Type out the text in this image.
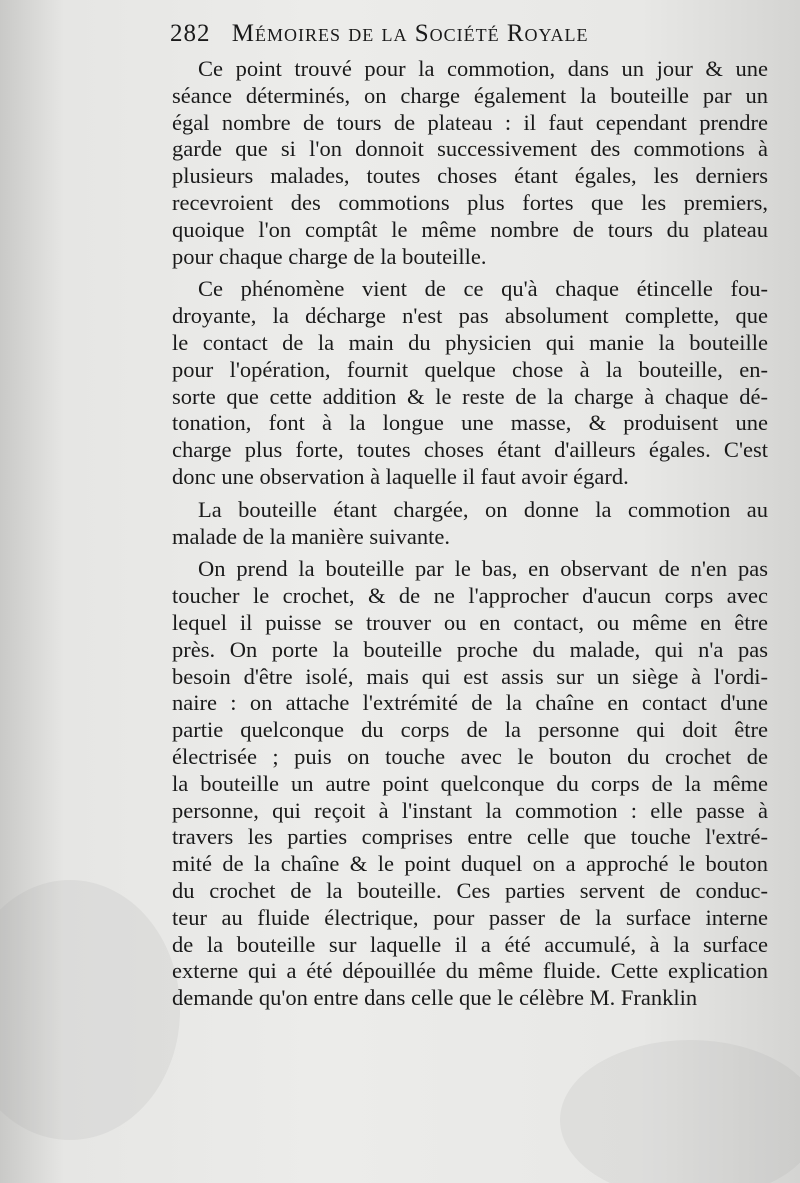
282 Mémoires de la Société Royale
Ce point trouvé pour la commotion, dans un jour & une
séance déterminés, on charge également la bouteille par un
égal nombre de tours de plateau : il faut cependant prendre
garde que si l'on donnoit successivement des commotions à
plusieurs malades, toutes choses étant égales, les derniers
recevroient des commotions plus fortes que les premiers,
quoique l'on comptât le même nombre de tours du plateau
pour chaque charge de la bouteille.
Ce phénomène vient de ce qu'à chaque étincelle fou-
droyante, la décharge n'est pas absolument complette, que
le contact de la main du physicien qui manie la bouteille
pour l'opération, fournit quelque chose à la bouteille, en-
sorte que cette addition & le reste de la charge à chaque dé-
tonation, font à la longue une masse, & produisent une
charge plus forte, toutes choses étant d'ailleurs égales. C'est
donc une observation à laquelle il faut avoir égard.
La bouteille étant chargée, on donne la commotion au
malade de la manière suivante.
On prend la bouteille par le bas, en observant de n'en pas
toucher le crochet, & de ne l'approcher d'aucun corps avec
lequel il puisse se trouver ou en contact, ou même en être
près. On porte la bouteille proche du malade, qui n'a pas
besoin d'être isolé, mais qui est assis sur un siège à l'ordi-
naire : on attache l'extrémité de la chaîne en contact d'une
partie quelconque du corps de la personne qui doit être
électrisée ; puis on touche avec le bouton du crochet de
la bouteille un autre point quelconque du corps de la même
personne, qui reçoit à l'instant la commotion : elle passe à
travers les parties comprises entre celle que touche l'extré-
mité de la chaîne & le point duquel on a approché le bouton
du crochet de la bouteille. Ces parties servent de conduc-
teur au fluide électrique, pour passer de la surface interne
de la bouteille sur laquelle il a été accumulé, à la surface
externe qui a été dépouillée du même fluide. Cette explication
demande qu'on entre dans celle que le célèbre M. Franklin
